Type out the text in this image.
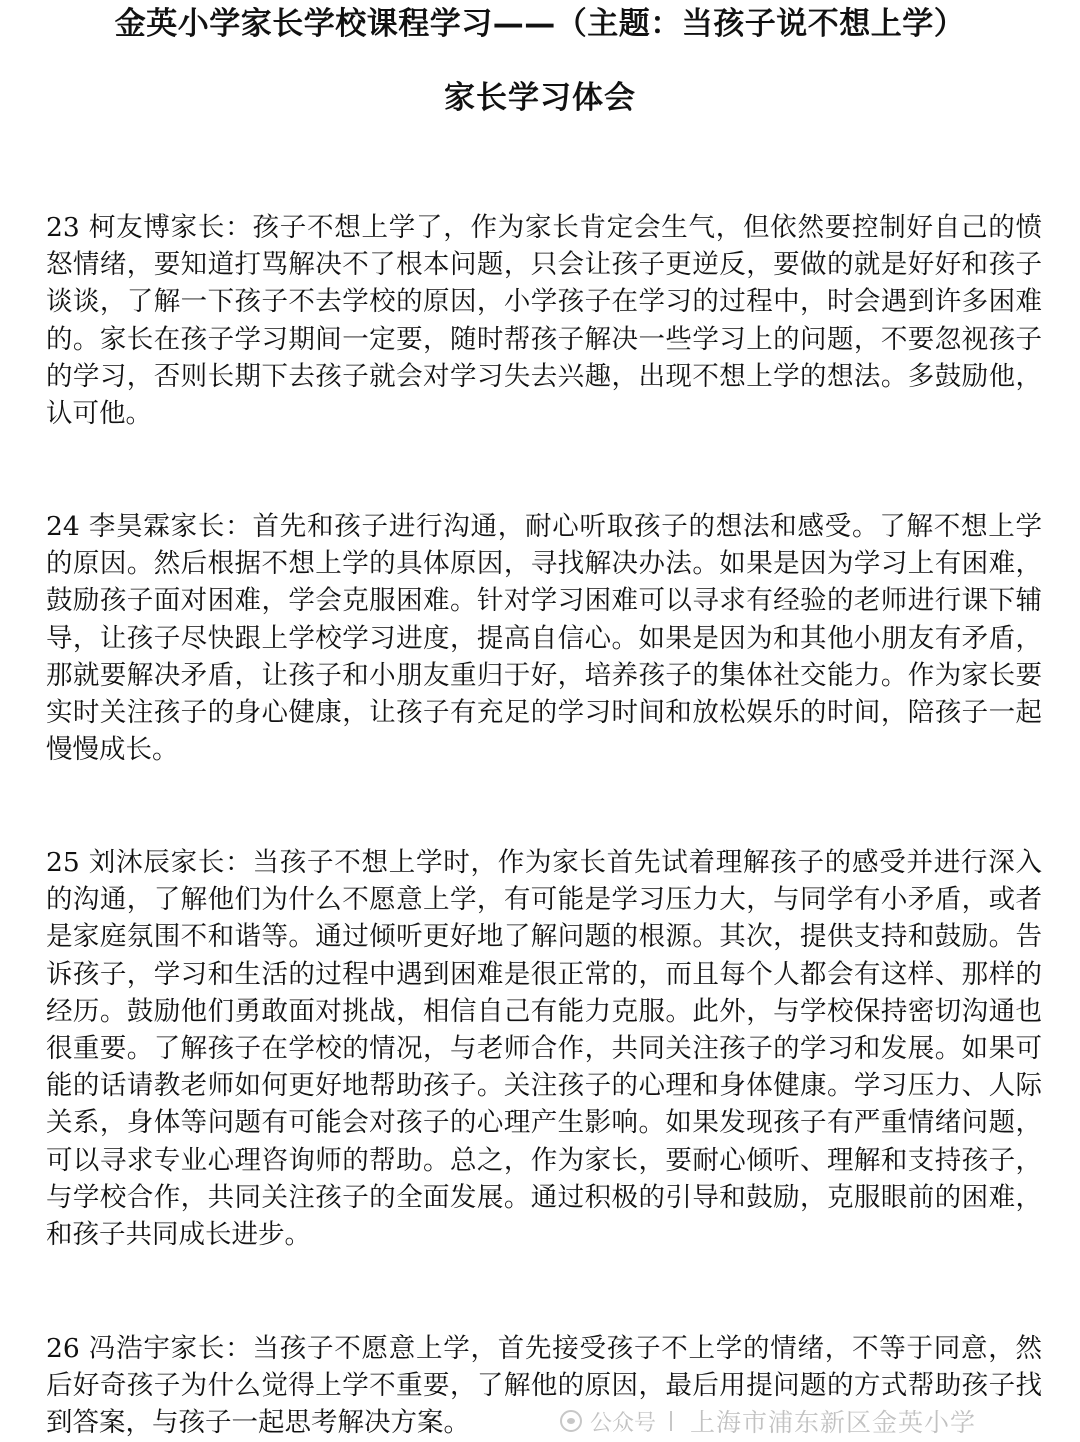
金英小学家长学校课程学习——（主题：当孩子说不想上学）
家长学习体会

23 柯友博家长：孩子不想上学了，作为家长肯定会生气，但依然要控制好自己的愤怒情绪，要知道打骂解决不了根本问题，只会让孩子更逆反，要做的就是好好和孩子谈谈，了解一下孩子不去学校的原因，小学孩子在学习的过程中，时会遇到许多困难的。家长在孩子学习期间一定要，随时帮孩子解决一些学习上的问题，不要忽视孩子的学习，否则长期下去孩子就会对学习失去兴趣，出现不想上学的想法。多鼓励他，认可他。

24 李昊霖家长：首先和孩子进行沟通，耐心听取孩子的想法和感受。了解不想上学的原因。然后根据不想上学的具体原因，寻找解决办法。如果是因为学习上有困难，鼓励孩子面对困难，学会克服困难。针对学习困难可以寻求有经验的老师进行课下辅导，让孩子尽快跟上学校学习进度，提高自信心。如果是因为和其他小朋友有矛盾，那就要解决矛盾，让孩子和小朋友重归于好，培养孩子的集体社交能力。作为家长要实时关注孩子的身心健康，让孩子有充足的学习时间和放松娱乐的时间，陪孩子一起慢慢成长。

25 刘沐辰家长：当孩子不想上学时，作为家长首先试着理解孩子的感受并进行深入的沟通，了解他们为什么不愿意上学，有可能是学习压力大，与同学有小矛盾，或者是家庭氛围不和谐等。通过倾听更好地了解问题的根源。其次，提供支持和鼓励。告诉孩子，学习和生活的过程中遇到困难是很正常的，而且每个人都会有这样、那样的经历。鼓励他们勇敢面对挑战，相信自己有能力克服。此外，与学校保持密切沟通也很重要。了解孩子在学校的情况，与老师合作，共同关注孩子的学习和发展。如果可能的话请教老师如何更好地帮助孩子。关注孩子的心理和身体健康。学习压力、人际关系，身体等问题有可能会对孩子的心理产生影响。如果发现孩子有严重情绪问题，可以寻求专业心理咨询师的帮助。总之，作为家长，要耐心倾听、理解和支持孩子，与学校合作，共同关注孩子的全面发展。通过积极的引导和鼓励，克服眼前的困难，和孩子共同成长进步。

26 冯浩宇家长：当孩子不愿意上学，首先接受孩子不上学的情绪，不等于同意，然后好奇孩子为什么觉得上学不重要，了解他的原因，最后用提问题的方式帮助孩子找到答案，与孩子一起思考解决方案。	公众号 上海市浦东新区金英小学
